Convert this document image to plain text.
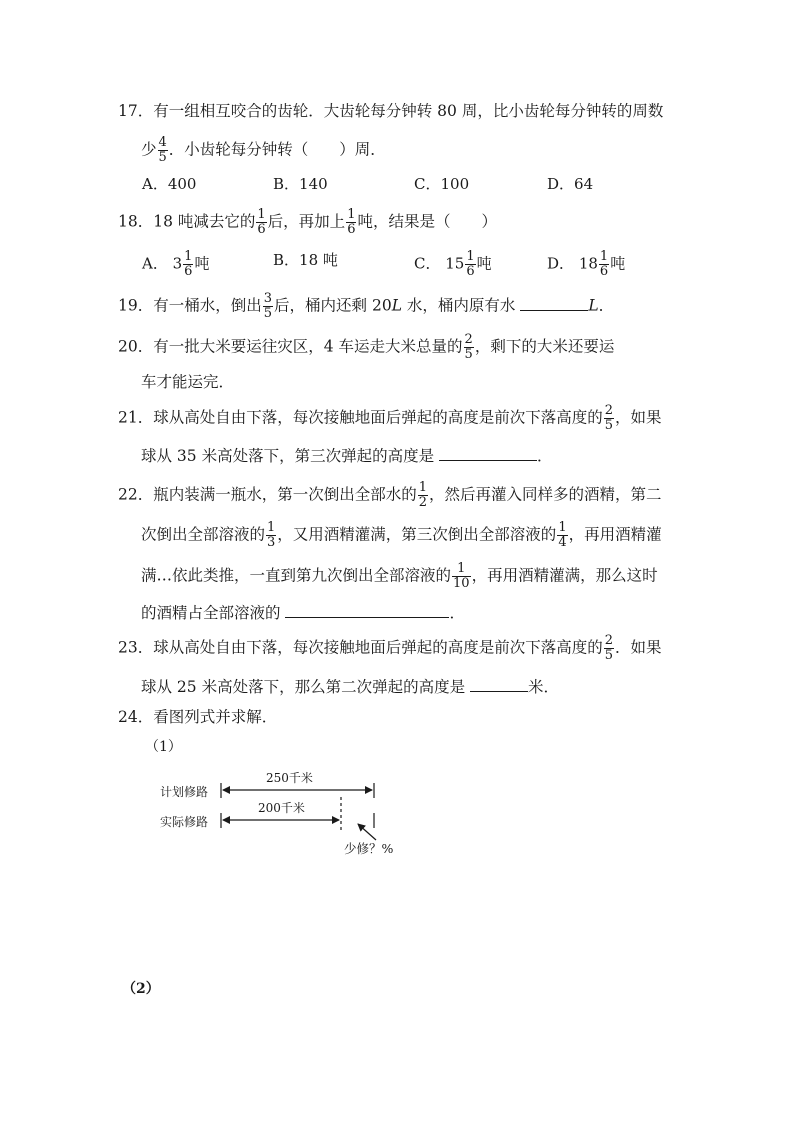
17．有一组相互咬合的齿轮．大齿轮每分钟转 80 周，比小齿轮每分钟转的周数
少 $\frac{4}{5}$ ．小齿轮每分钟转（　　）周．
A．400	B．140	C．100	D．64
18．18 吨减去它的 $\frac{1}{6}$ 后，再加上 $\frac{1}{6}$ 吨，结果是（　　）
A． $3 \frac{1}{6}$ 吨	B．18 吨	C． $15 \frac{1}{6}$ 吨	D． $18 \frac{1}{6}$ 吨
19．有一桶水，倒出 $\frac{3}{5}$ 后，桶内还剩 20L 水，桶内原有水	L．
20．有一批大米要运往灾区，4 车运走大米总量的 $\frac{2}{5}$ ，剩下的大米还要运
车才能运完．
21．球从高处自由下落，每次接触地面后弹起的高度是前次下落高度的 $\frac{2}{5}$ ，如果
球从 35 米高处落下，第三次弹起的高度是	．
22．瓶内装满一瓶水，第一次倒出全部水的 $\frac{1}{2}$ ，然后再灌入同样多的酒精，第二
次倒出全部溶液的 $\frac{1}{3}$ ，又用酒精灌满，第三次倒出全部溶液的 $\frac{1}{4}$ ，再用酒精灌
满…依此类推，一直到第九次倒出全部溶液的 $\frac{1}{10}$ ，再用酒精灌满，那么这时
的酒精占全部溶液的	．
23．球从高处自由下落，每次接触地面后弹起的高度是前次下落高度的 $\frac{2}{5}$ ．如果
球从 25 米高处落下，那么第二次弹起的高度是	米．
24．看图列式并求解．
（1）
计划修路
250千米
实际修路
200千米
少修？%
（2）
